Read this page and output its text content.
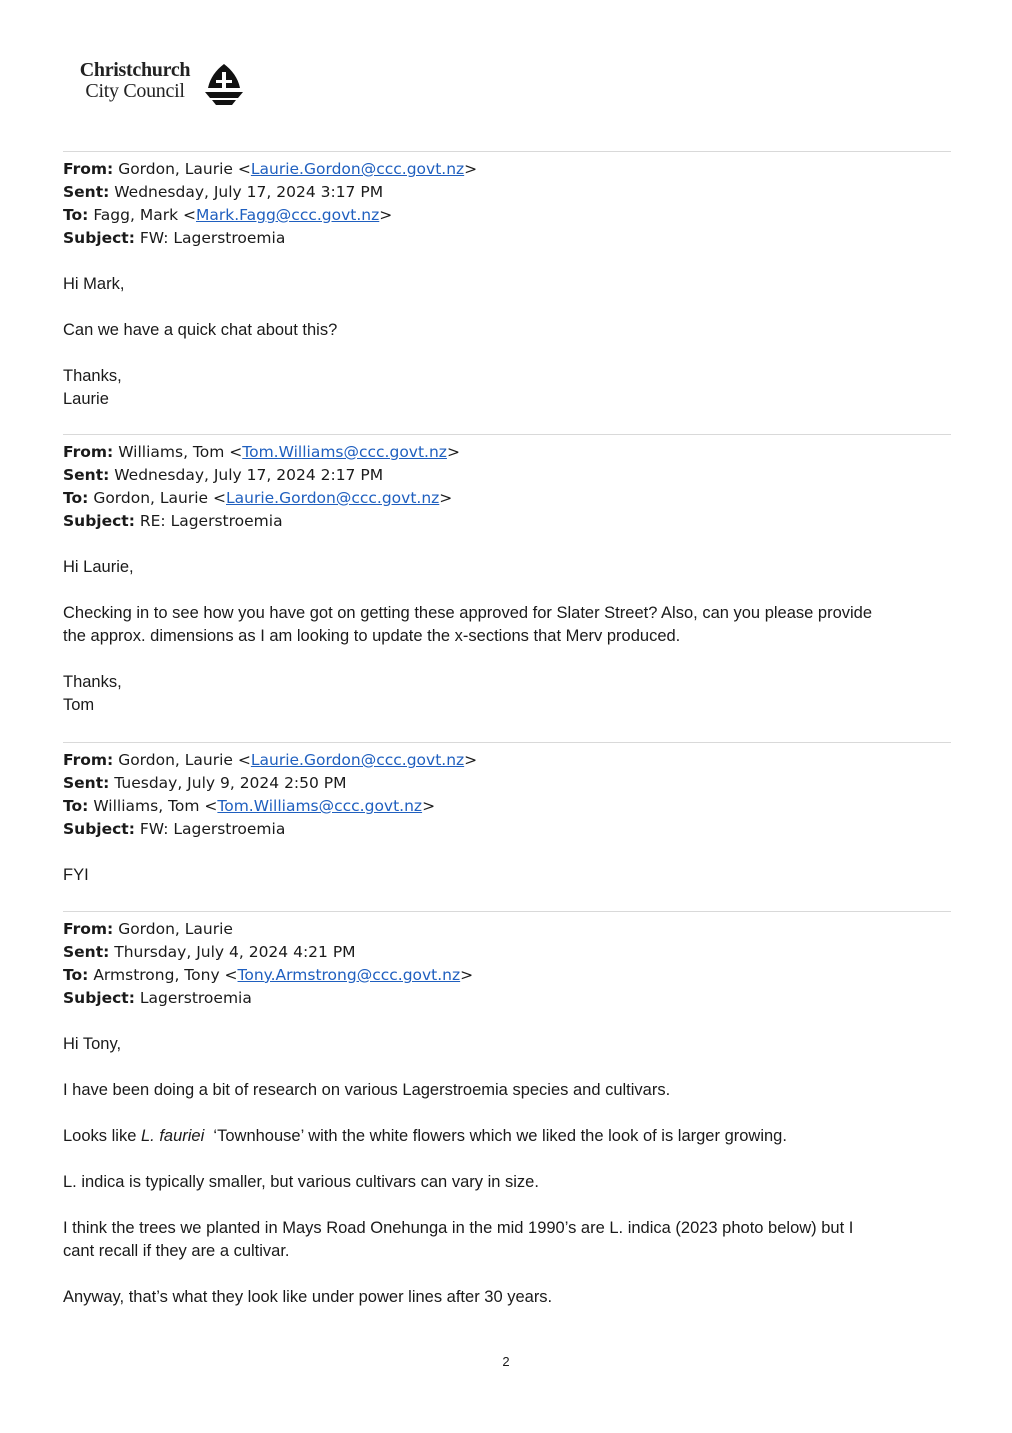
Christchurch
City Council
From: Gordon, Laurie <Laurie.Gordon@ccc.govt.nz>
Sent: Wednesday, July 17, 2024 3:17 PM
To: Fagg, Mark <Mark.Fagg@ccc.govt.nz>
Subject: FW: Lagerstroemia

Hi Mark,

Can we have a quick chat about this?

Thanks,
Laurie

From: Williams, Tom <Tom.Williams@ccc.govt.nz>
Sent: Wednesday, July 17, 2024 2:17 PM
To: Gordon, Laurie <Laurie.Gordon@ccc.govt.nz>
Subject: RE: Lagerstroemia

Hi Laurie,

Checking in to see how you have got on getting these approved for Slater Street? Also, can you please provide
the approx. dimensions as I am looking to update the x-sections that Merv produced.

Thanks,
Tom

From: Gordon, Laurie <Laurie.Gordon@ccc.govt.nz>
Sent: Tuesday, July 9, 2024 2:50 PM
To: Williams, Tom <Tom.Williams@ccc.govt.nz>
Subject: FW: Lagerstroemia

FYI

From: Gordon, Laurie
Sent: Thursday, July 4, 2024 4:21 PM
To: Armstrong, Tony <Tony.Armstrong@ccc.govt.nz>
Subject: Lagerstroemia

Hi Tony,

I have been doing a bit of research on various Lagerstroemia species and cultivars.

Looks like L. fauriei  ‘Townhouse’ with the white flowers which we liked the look of is larger growing.

L. indica is typically smaller, but various cultivars can vary in size.

I think the trees we planted in Mays Road Onehunga in the mid 1990’s are L. indica (2023 photo below) but I
cant recall if they are a cultivar.

Anyway, that’s what they look like under power lines after 30 years.

2
